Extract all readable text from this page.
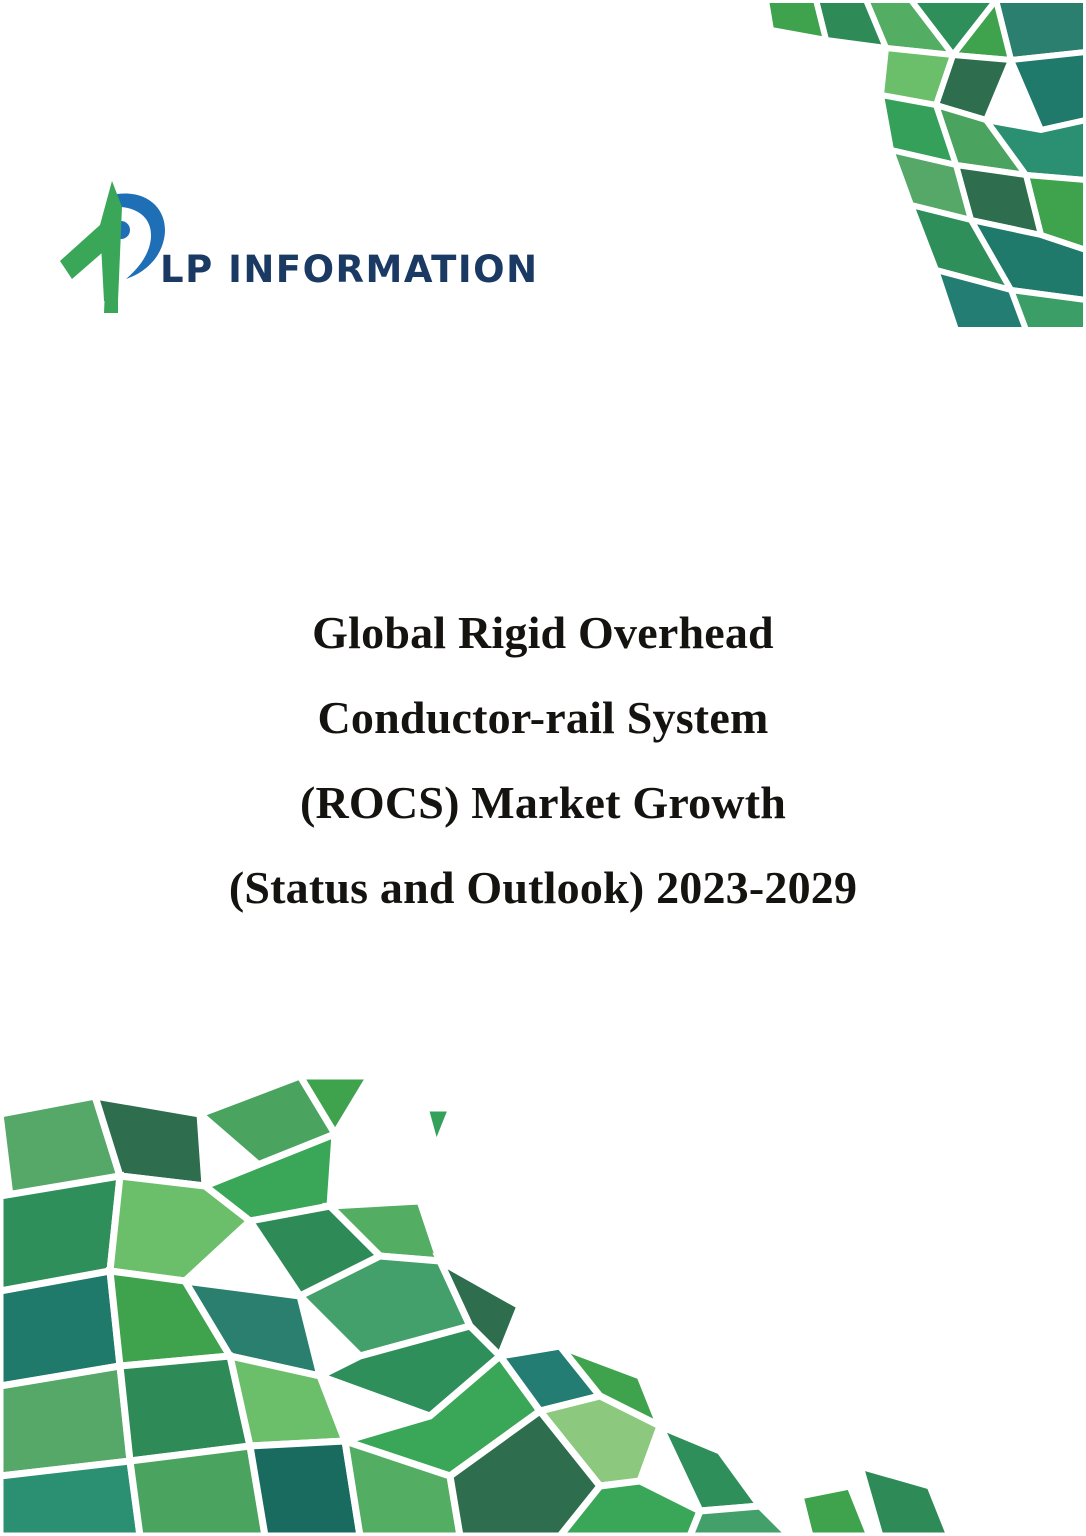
LP INFORMATION
Global Rigid Overhead
Conductor-rail System
(ROCS) Market Growth
(Status and Outlook) 2023-2029
